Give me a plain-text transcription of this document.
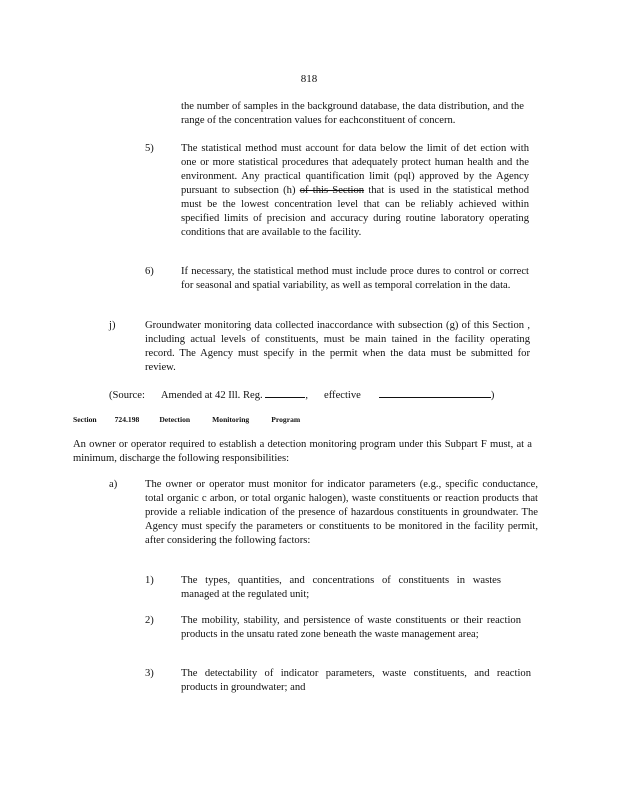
818
the number of samples in the background database, the data distribution, and the range of the concentration values for eachconstituent of concern.
5)	The statistical method must account for data below the limit of det ection with one or more statistical procedures that adequately protect human health and the environment. Any practical quantification limit (pql) approved by the Agency pursuant to subsection (h) of this Section that is used in the statistical method must be the lowest concentration level that can be reliably achieved within specified limits of precision and accuracy during routine laboratory operating conditions that are available to the facility.
6)	If necessary, the statistical method must include proce dures to control or correct for seasonal and spatial variability, as well as temporal correlation in the data.
j)	Groundwater monitoring data collected inaccordance with subsection (g) of this Section , including actual levels of constituents, must be main tained in the facility operating record. The Agency must specify in the permit when the data must be submitted for review.
(Source: Amended at 42 Ill. Reg.	, effective	)
Section 724.198	Detection	Monitoring	Program
An owner or operator required to establish a detection monitoring program under this Subpart F must, at a minimum, discharge the following responsibilities:
a)	The owner or operator must monitor for indicator parameters (e.g., specific conductance, total organic c arbon, or total organic halogen), waste constituents or reaction products that provide a reliable indication of the presence of hazardous constituents in groundwater. The Agency must specify the parameters or constituents to be monitored in the facility permit, after considering the following factors:
1)	The types, quantities, and concentrations of constituents in wastes managed at the regulated unit;
2)	The mobility, stability, and persistence of waste constituents or their reaction products in the unsatu rated zone beneath the waste management area;
3)	The detectability of indicator parameters, waste constituents, and reaction products in groundwater; and
